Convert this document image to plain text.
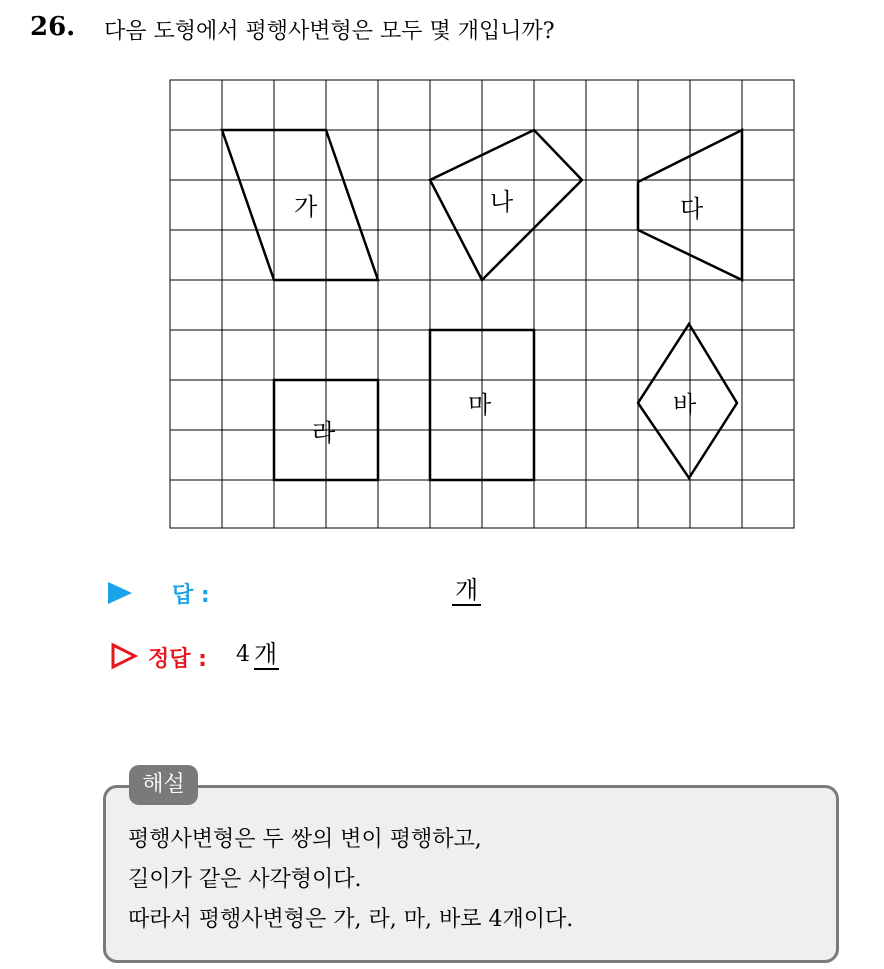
26. 다음 도형에서 평행사변형은 모두 몇 개입니까?
가	나	다
라
마	바
답 :	개
정답 : 4 개
해설
평행사변형은 두 쌍의 변이 평행하고,
길이가 같은 사각형이다.
따라서 평행사변형은 가, 라, 마, 바로 4개이다.
